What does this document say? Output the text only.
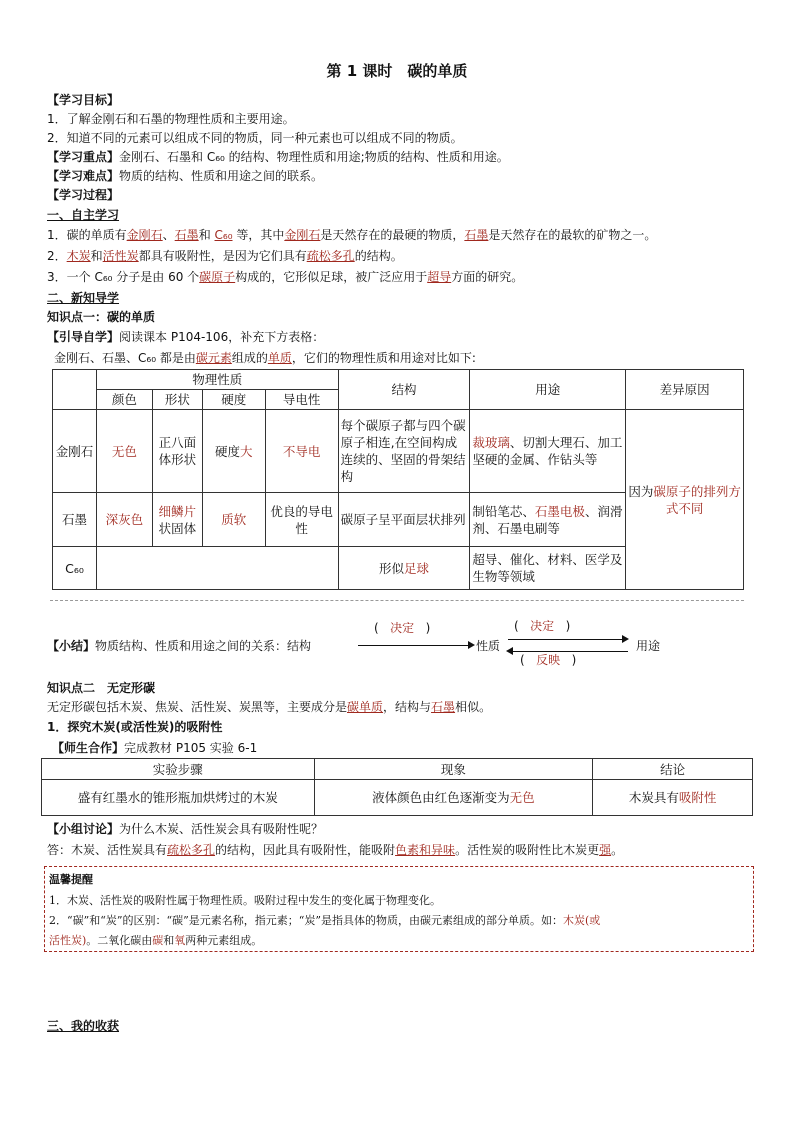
第 1 课时　碳的单质
【学习目标】
1．了解金刚石和石墨的物理性质和主要用途。
2．知道不同的元素可以组成不同的物质，同一种元素也可以组成不同的物质。
【学习重点】金刚石、石墨和 C₆₀ 的结构、物理性质和用途;物质的结构、性质和用途。
【学习难点】物质的结构、性质和用途之间的联系。
【学习过程】
一、自主学习
1．碳的单质有金刚石、石墨和 C₆₀ 等，其中金刚石是天然存在的最硬的物质，石墨是天然存在的最软的矿物之一。
2．木炭和活性炭都具有吸附性，是因为它们具有疏松多孔的结构。
3．一个 C₆₀ 分子是由 60 个碳原子构成的，它形似足球，被广泛应用于超导方面的研究。
二、新知导学
知识点一：碳的单质
【引导自学】阅读课本 P104-106，补充下方表格：
金刚石、石墨、C₆₀ 都是由碳元素组成的单质，它们的物理性质和用途对比如下:
	物理性质				结构	用途	差异原因
	颜色	形状	硬度	导电性			
金刚石	无色	正八面体形状	硬度大	不导电	每个碳原子都与四个碳原子相连,在空间构成连续的、坚固的骨架结构	裁玻璃、切割大理石、加工坚硬的金属、作钻头等	因为碳原子的排列方式不同
石墨	深灰色	细鳞片状固体	质软	优良的导电性	碳原子呈平面层状排列	制铅笔芯、石墨电极、润滑剂、石墨电刷等	
C₆₀					形似足球	超导、催化、材料、医学及生物等领域	
【小结】物质结构、性质和用途之间的关系：结构
(   决定   )
性质
(   决定   )
(   反映   )
用途
知识点二　无定形碳
无定形碳包括木炭、焦炭、活性炭、炭黑等，主要成分是碳单质，结构与石墨相似。
1．探究木炭(或活性炭)的吸附性
【师生合作】完成教材 P105 实验 6-1
实验步骤	现象	结论
盛有红墨水的锥形瓶加烘烤过的木炭	液体颜色由红色逐渐变为无色	木炭具有吸附性
【小组讨论】为什么木炭、活性炭会具有吸附性呢？
答：木炭、活性炭具有疏松多孔的结构，因此具有吸附性，能吸附色素和异味。活性炭的吸附性比木炭更强。
温馨提醒
1．木炭、活性炭的吸附性属于物理性质。吸附过程中发生的变化属于物理变化。
2．“碳”和“炭”的区别：“碳”是元素名称，指元素；“炭”是指具体的物质，由碳元素组成的部分单质。如：木炭(或
活性炭)。二氧化碳由碳和氧两种元素组成。
三、我的收获
